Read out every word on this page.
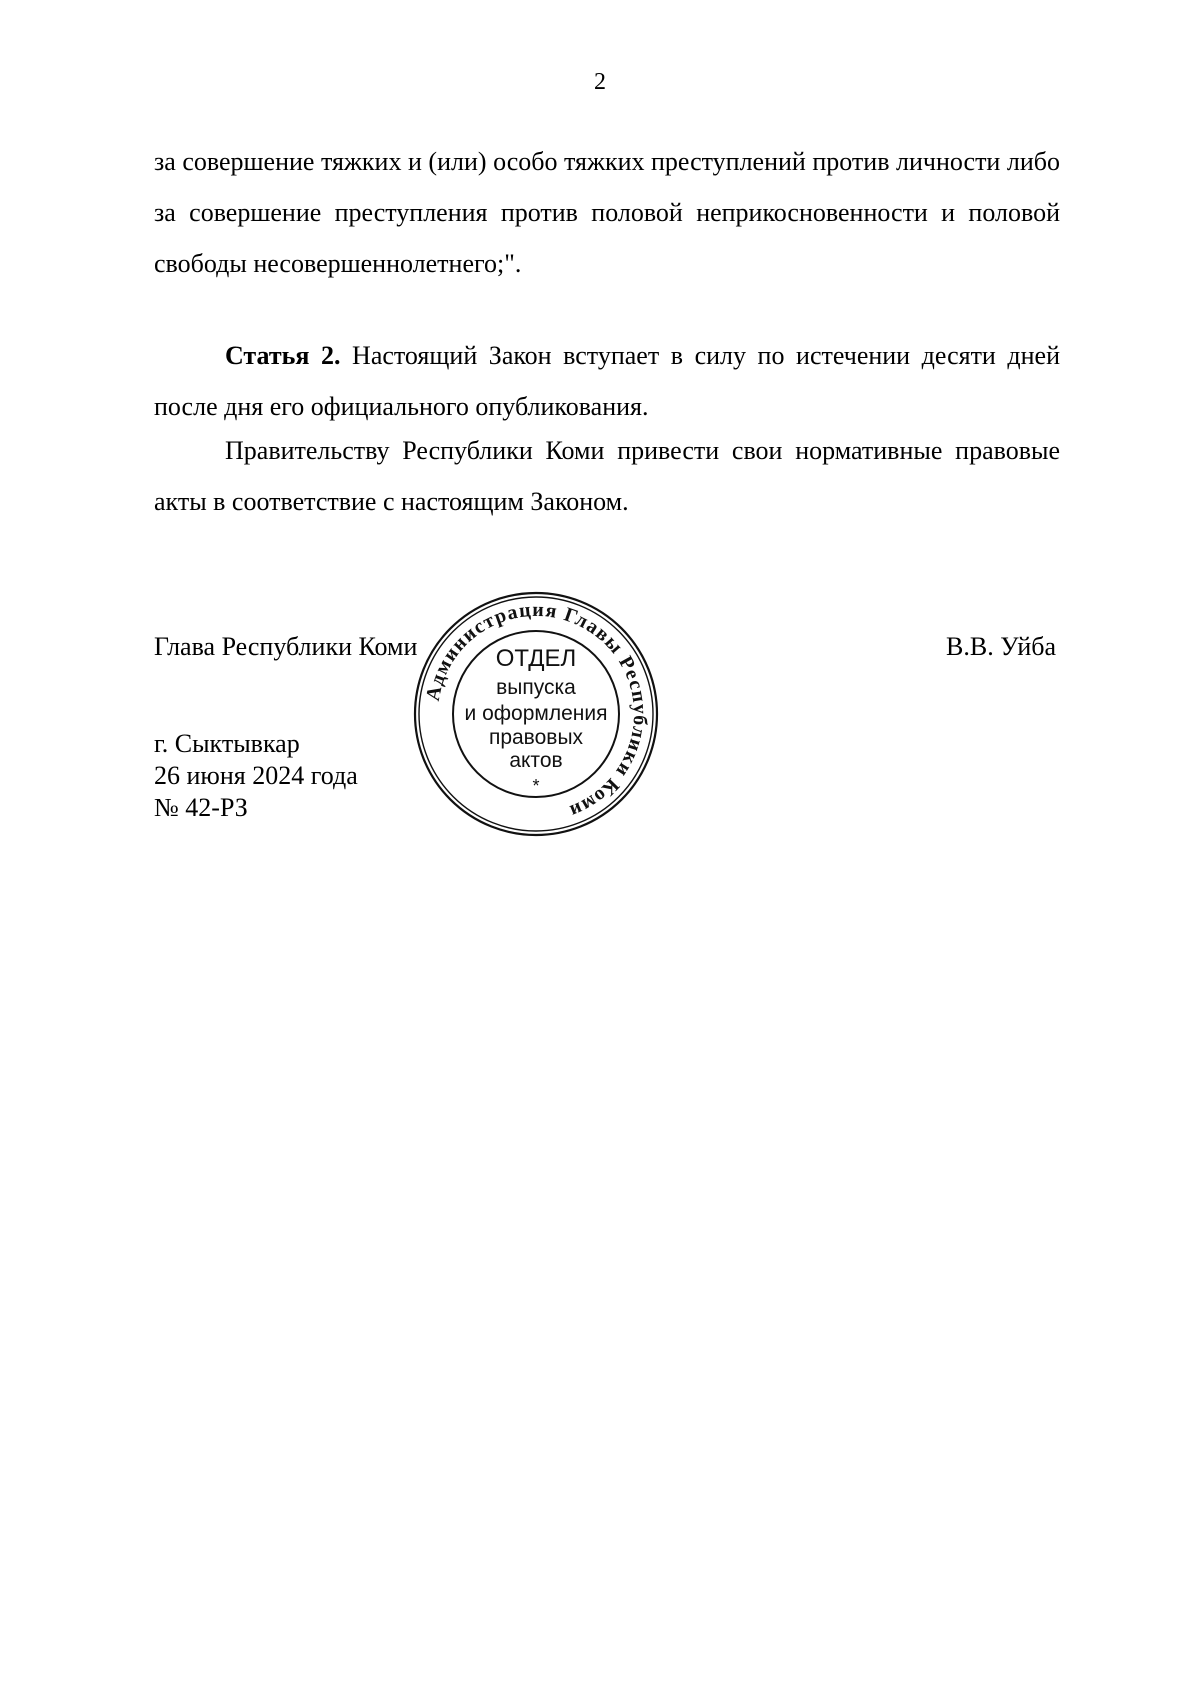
2

за совершение тяжких и (или) особо тяжких преступлений против личности либо за совершение преступления против половой неприкосновенности и половой свободы несовершеннолетнего;".

Статья 2. Настоящий Закон вступает в силу по истечении десяти дней после дня его официального опубликования.

Правительству Республики Коми привести свои нормативные правовые акты в соответствие с настоящим Законом.

Глава Республики Коми	В.В. Уйба
г. Сыктывкар
26 июня 2024 года
№ 42-РЗ
Администрация Главы Республики Коми
ОТДЕЛ
выпуска
и оформления
правовых
актов
*
